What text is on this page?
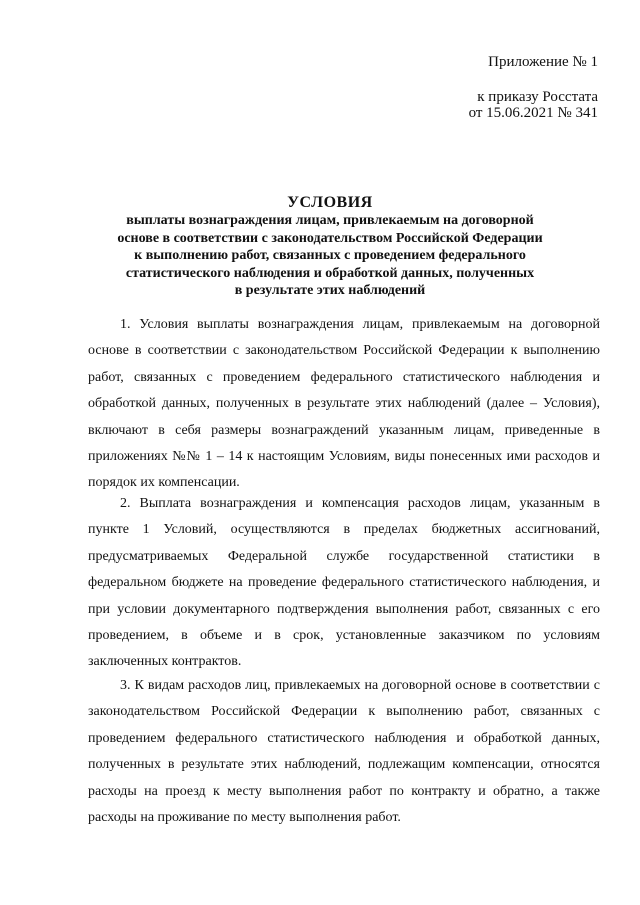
Приложение № 1
к приказу Росстата
от 15.06.2021 № 341
УСЛОВИЯ
выплаты вознаграждения лицам, привлекаемым на договорной
основе в соответствии с законодательством Российской Федерации
к выполнению работ, связанных с проведением федерального
статистического наблюдения и обработкой данных, полученных
в результате этих наблюдений

1. Условия выплаты вознаграждения лицам, привлекаемым на договорной основе в соответствии с законодательством Российской Федерации к выполнению работ, связанных с проведением федерального статистического наблюдения и обработкой данных, полученных в результате этих наблюдений (далее – Условия), включают в себя размеры вознаграждений указанным лицам, приведенные в приложениях №№ 1 – 14 к настоящим Условиям, виды понесенных ими расходов и порядок их компенсации.

2. Выплата вознаграждения и компенсация расходов лицам, указанным в пункте 1 Условий, осуществляются в пределах бюджетных ассигнований, предусматриваемых Федеральной службе государственной статистики в федеральном бюджете на проведение федерального статистического наблюдения, и при условии документарного подтверждения выполнения работ, связанных с его проведением, в объеме и в срок, установленные заказчиком по условиям заключенных контрактов.

3. К видам расходов лиц, привлекаемых на договорной основе в соответствии с законодательством Российской Федерации к выполнению работ, связанных с проведением федерального статистического наблюдения и обработкой данных, полученных в результате этих наблюдений, подлежащим компенсации, относятся расходы на проезд к месту выполнения работ по контракту и обратно, а также расходы на проживание по месту выполнения работ.
